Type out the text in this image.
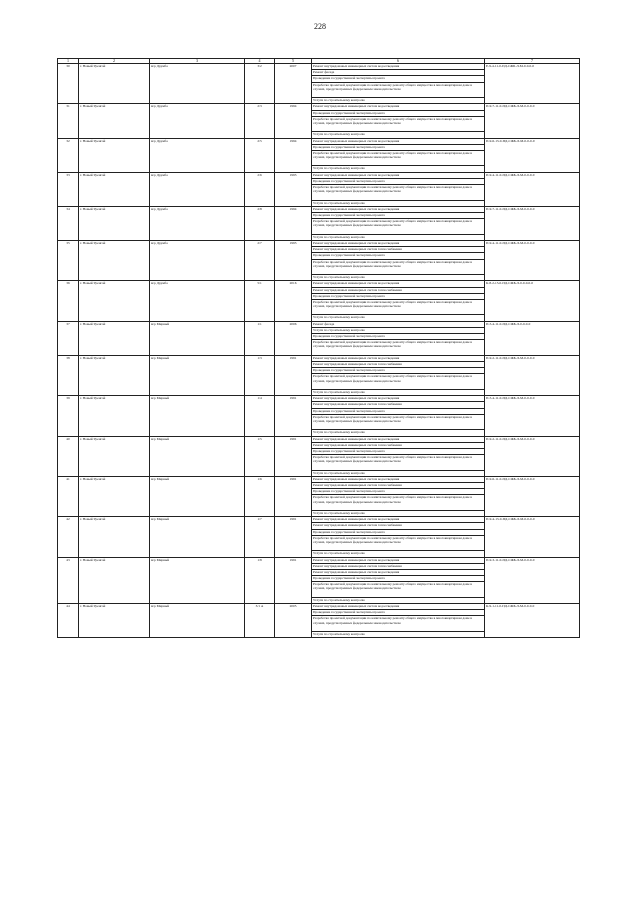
228
1	2	3	4	5	6	7
30	г. Новый Уренгой	м/р Дружба	3/2	2007	Ремонт внутридомовых инженерных систем водоотведения	Е-9-4-11-0-ПД-СЖБ-Л-М-0-0-0-0
					Ремонт фасада	
					Проведение государственной экспертизы проекта	
					Разработка проектной документации по капитальному ремонту общего имущества в многоквартирном доме в случаях, предусмотренных федеральным законодательством	
					Услуги по строительному контролю	
31	г. Новый Уренгой	м/р Дружба	2/3	1994	Ремонт внутридомовых инженерных систем водоотведения	П-9-7-11-0-ПД-СЖБ-Л-М-0-0-0-0
					Проведение государственной экспертизы проекта	
					Разработка проектной документации по капитальному ремонту общего имущества в многоквартирном доме в случаях, предусмотренных федеральным законодательством	
					Услуги по строительному контролю	
32	г. Новый Уренгой	м/р Дружба	2/5	1994	Ремонт внутридомовых инженерных систем водоотведения	П-9-6-13-0-ПД-СЖБ-Л-М-0-0-0-0
					Проведение государственной экспертизы проекта	
					Разработка проектной документации по капитальному ремонту общего имущества в многоквартирном доме в случаях, предусмотренных федеральным законодательством	
					Услуги по строительному контролю	
33	г. Новый Уренгой	м/р Дружба	2/6	1993	Ремонт внутридомовых инженерных систем водоотведения	П-9-4-11-0-ПД-СЖБ-Л-М-0-0-0-0
					Проведение государственной экспертизы проекта	
					Разработка проектной документации по капитальному ремонту общего имущества в многоквартирном доме в случаях, предусмотренных федеральным законодательством	
					Услуги по строительному контролю	
34	г. Новый Уренгой	м/р Дружба	2/8	1994	Ремонт внутридомовых инженерных систем водоотведения	П-9-7-11-0-ПД-СЖБ-Л-М-0-0-0-0
					Проведение государственной экспертизы проекта	
					Разработка проектной документации по капитальному ремонту общего имущества в многоквартирном доме в случаях, предусмотренных федеральным законодательством	
					Услуги по строительному контролю	
35	г. Новый Уренгой	м/р Дружба	2/7	1993	Ремонт внутридомовых инженерных систем водоотведения	П-9-4-11-0-ПД-СЖБ-Л-М-0-0-0-0
					Ремонт внутридомовых инженерных систем теплоснабжения	
					Проведение государственной экспертизы проекта	
					Разработка проектной документации по капитальному ремонту общего имущества в многоквартирном доме в случаях, предусмотренных федеральным законодательством	
					Услуги по строительному контролю	
36	г. Новый Уренгой	м/р Дружба	5/1	2016	Ремонт внутридомовых инженерных систем водоотведения	К-8-2-13-0-ПД-СЖБ-Л-0-0-0-0-0
					Ремонт внутридомовых инженерных систем теплоснабжения	
					Проведение государственной экспертизы проекта	
					Разработка проектной документации по капитальному ремонту общего имущества в многоквартирном доме в случаях, предусмотренных федеральным законодательством	
					Услуги по строительному контролю	
37	г. Новый Уренгой	м/р Мирный	1/1	2006	Ремонт фасада	П-5-4-11-0-ПД-СЖБ-Л-0-0-0-0
					Услуги по строительному контролю	
					Проведение государственной экспертизы проекта	
					Разработка проектной документации по капитальному ремонту общего имущества в многоквартирном доме в случаях, предусмотренных федеральным законодательством	
38	г. Новый Уренгой	м/р Мирный	1/3	1991	Ремонт внутридомовых инженерных систем водоотведения	П-9-2-11-0-ПД-СЖБ-Л-М-0-0-0-0
					Ремонт внутридомовых инженерных систем теплоснабжения	
					Проведение государственной экспертизы проекта	
					Разработка проектной документации по капитальному ремонту общего имущества в многоквартирном доме в случаях, предусмотренных федеральным законодательством	
					Услуги по строительному контролю	
39	г. Новый Уренгой	м/р Мирный	1/4	1991	Ремонт внутридомовых инженерных систем водоотведения	П-5-4-11-0-ПД-СЖБ-Л-М-0-0-0-0
					Ремонт внутридомовых инженерных систем теплоснабжения	
					Проведение государственной экспертизы проекта	
					Разработка проектной документации по капитальному ремонту общего имущества в многоквартирном доме в случаях, предусмотренных федеральным законодательством	
					Услуги по строительному контролю	
40	г. Новый Уренгой	м/р Мирный	1/5	1991	Ремонт внутридомовых инженерных систем водоотведения	П-9-2-11-0-ПД-СЖБ-Л-М-0-0-0-0
					Ремонт внутридомовых инженерных систем теплоснабжения	
					Проведение государственной экспертизы проекта	
					Разработка проектной документации по капитальному ремонту общего имущества в многоквартирном доме в случаях, предусмотренных федеральным законодательством	
					Услуги по строительному контролю	
41	г. Новый Уренгой	м/р Мирный	1/6	1991	Ремонт внутридомовых инженерных систем водоотведения	П-9-6-11-0-ПД-СЖБ-Л-М-0-0-0-0
					Ремонт внутридомовых инженерных систем теплоснабжения	
					Проведение государственной экспертизы проекта	
					Разработка проектной документации по капитальному ремонту общего имущества в многоквартирном доме в случаях, предусмотренных федеральным законодательством	
					Услуги по строительному контролю	
42	г. Новый Уренгой	м/р Мирный	1/7	1991	Ремонт внутридомовых инженерных систем водоотведения	П-9-4-13-0-ПД-СЖБ-Л-М-0-0-0-0
					Ремонт внутридомовых инженерных систем теплоснабжения	
					Проведение государственной экспертизы проекта	
					Разработка проектной документации по капитальному ремонту общего имущества в многоквартирном доме в случаях, предусмотренных федеральным законодательством	
					Услуги по строительному контролю	
43	г. Новый Уренгой	м/р Мирный	1/8	1991	Ремонт внутридомовых инженерных систем водоотведения	П-9-3-11-0-ПД-СЖБ-Л-М-0-0-0-0
					Ремонт внутридомовых инженерных систем теплоснабжения	
					Ремонт внутридомовых инженерных систем водоотведения	
					Проведение государственной экспертизы проекта	
					Разработка проектной документации по капитальному ремонту общего имущества в многоквартирном доме в случаях, предусмотренных федеральным законодательством	
					Услуги по строительному контролю	
44	г. Новый Уренгой	м/р Мирный	3/1 А	2005	Ремонт внутридомовых инженерных систем водоотведения	К-9-1-11-0-ПД-СЖБ-Л-М-0-0-0-0
					Проведение государственной экспертизы проекта	
					Разработка проектной документации по капитальному ремонту общего имущества в многоквартирном доме в случаях, предусмотренных федеральным законодательством	
					Услуги по строительному контролю	
